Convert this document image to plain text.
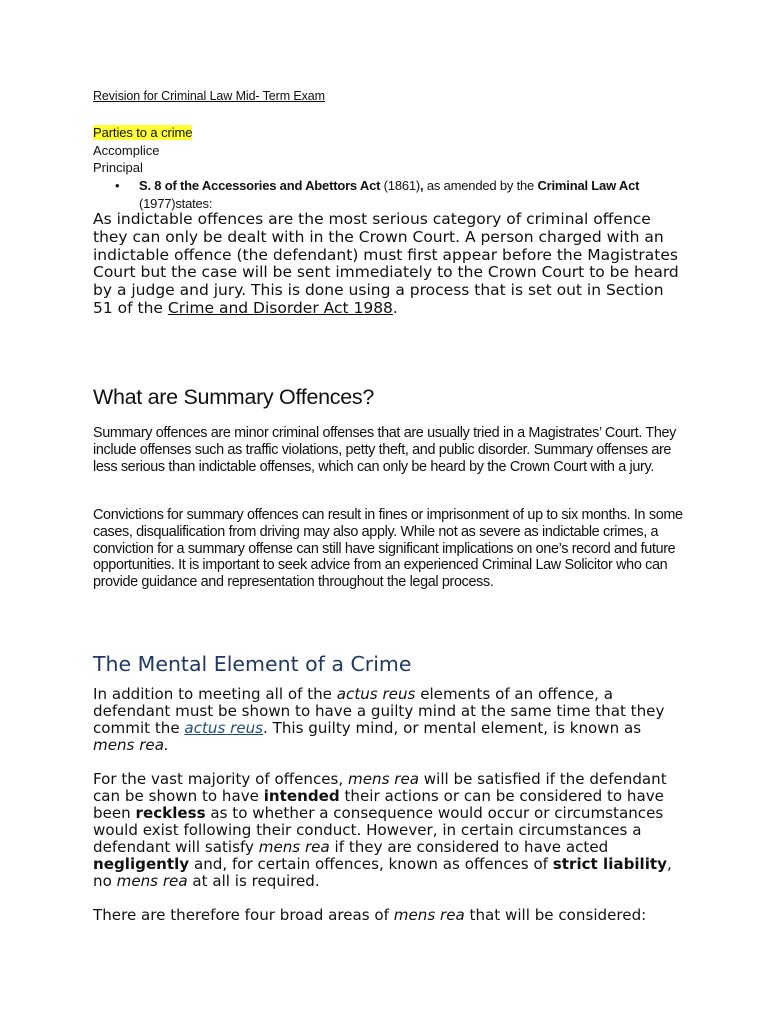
Revision for Criminal Law Mid- Term Exam
Parties to a crime
Accomplice
Principal
• S. 8 of the Accessories and Abettors Act (1861), as amended by the Criminal Law Act (1977)states:
As indictable offences are the most serious category of criminal offence they can only be dealt with in the Crown Court. A person charged with an indictable offence (the defendant) must first appear before the Magistrates Court but the case will be sent immediately to the Crown Court to be heard by a judge and jury. This is done using a process that is set out in Section 51 of the Crime and Disorder Act 1988.
What are Summary Offences?

Summary offences are minor criminal offenses that are usually tried in a Magistrates’ Court. They include offenses such as traffic violations, petty theft, and public disorder. Summary offenses are less serious than indictable offenses, which can only be heard by the Crown Court with a jury.

Convictions for summary offences can result in fines or imprisonment of up to six months. In some cases, disqualification from driving may also apply. While not as severe as indictable crimes, a conviction for a summary offense can still have significant implications on one’s record and future opportunities. It is important to seek advice from an experienced Criminal Law Solicitor who can provide guidance and representation throughout the legal process.

The Mental Element of a Crime

In addition to meeting all of the actus reus elements of an offence, a defendant must be shown to have a guilty mind at the same time that they commit the actus reus. This guilty mind, or mental element, is known as mens rea.

For the vast majority of offences, mens rea will be satisfied if the defendant can be shown to have intended their actions or can be considered to have been reckless as to whether a consequence would occur or circumstances would exist following their conduct. However, in certain circumstances a defendant will satisfy mens rea if they are considered to have acted negligently and, for certain offences, known as offences of strict liability, no mens rea at all is required.

There are therefore four broad areas of mens rea that will be considered:
